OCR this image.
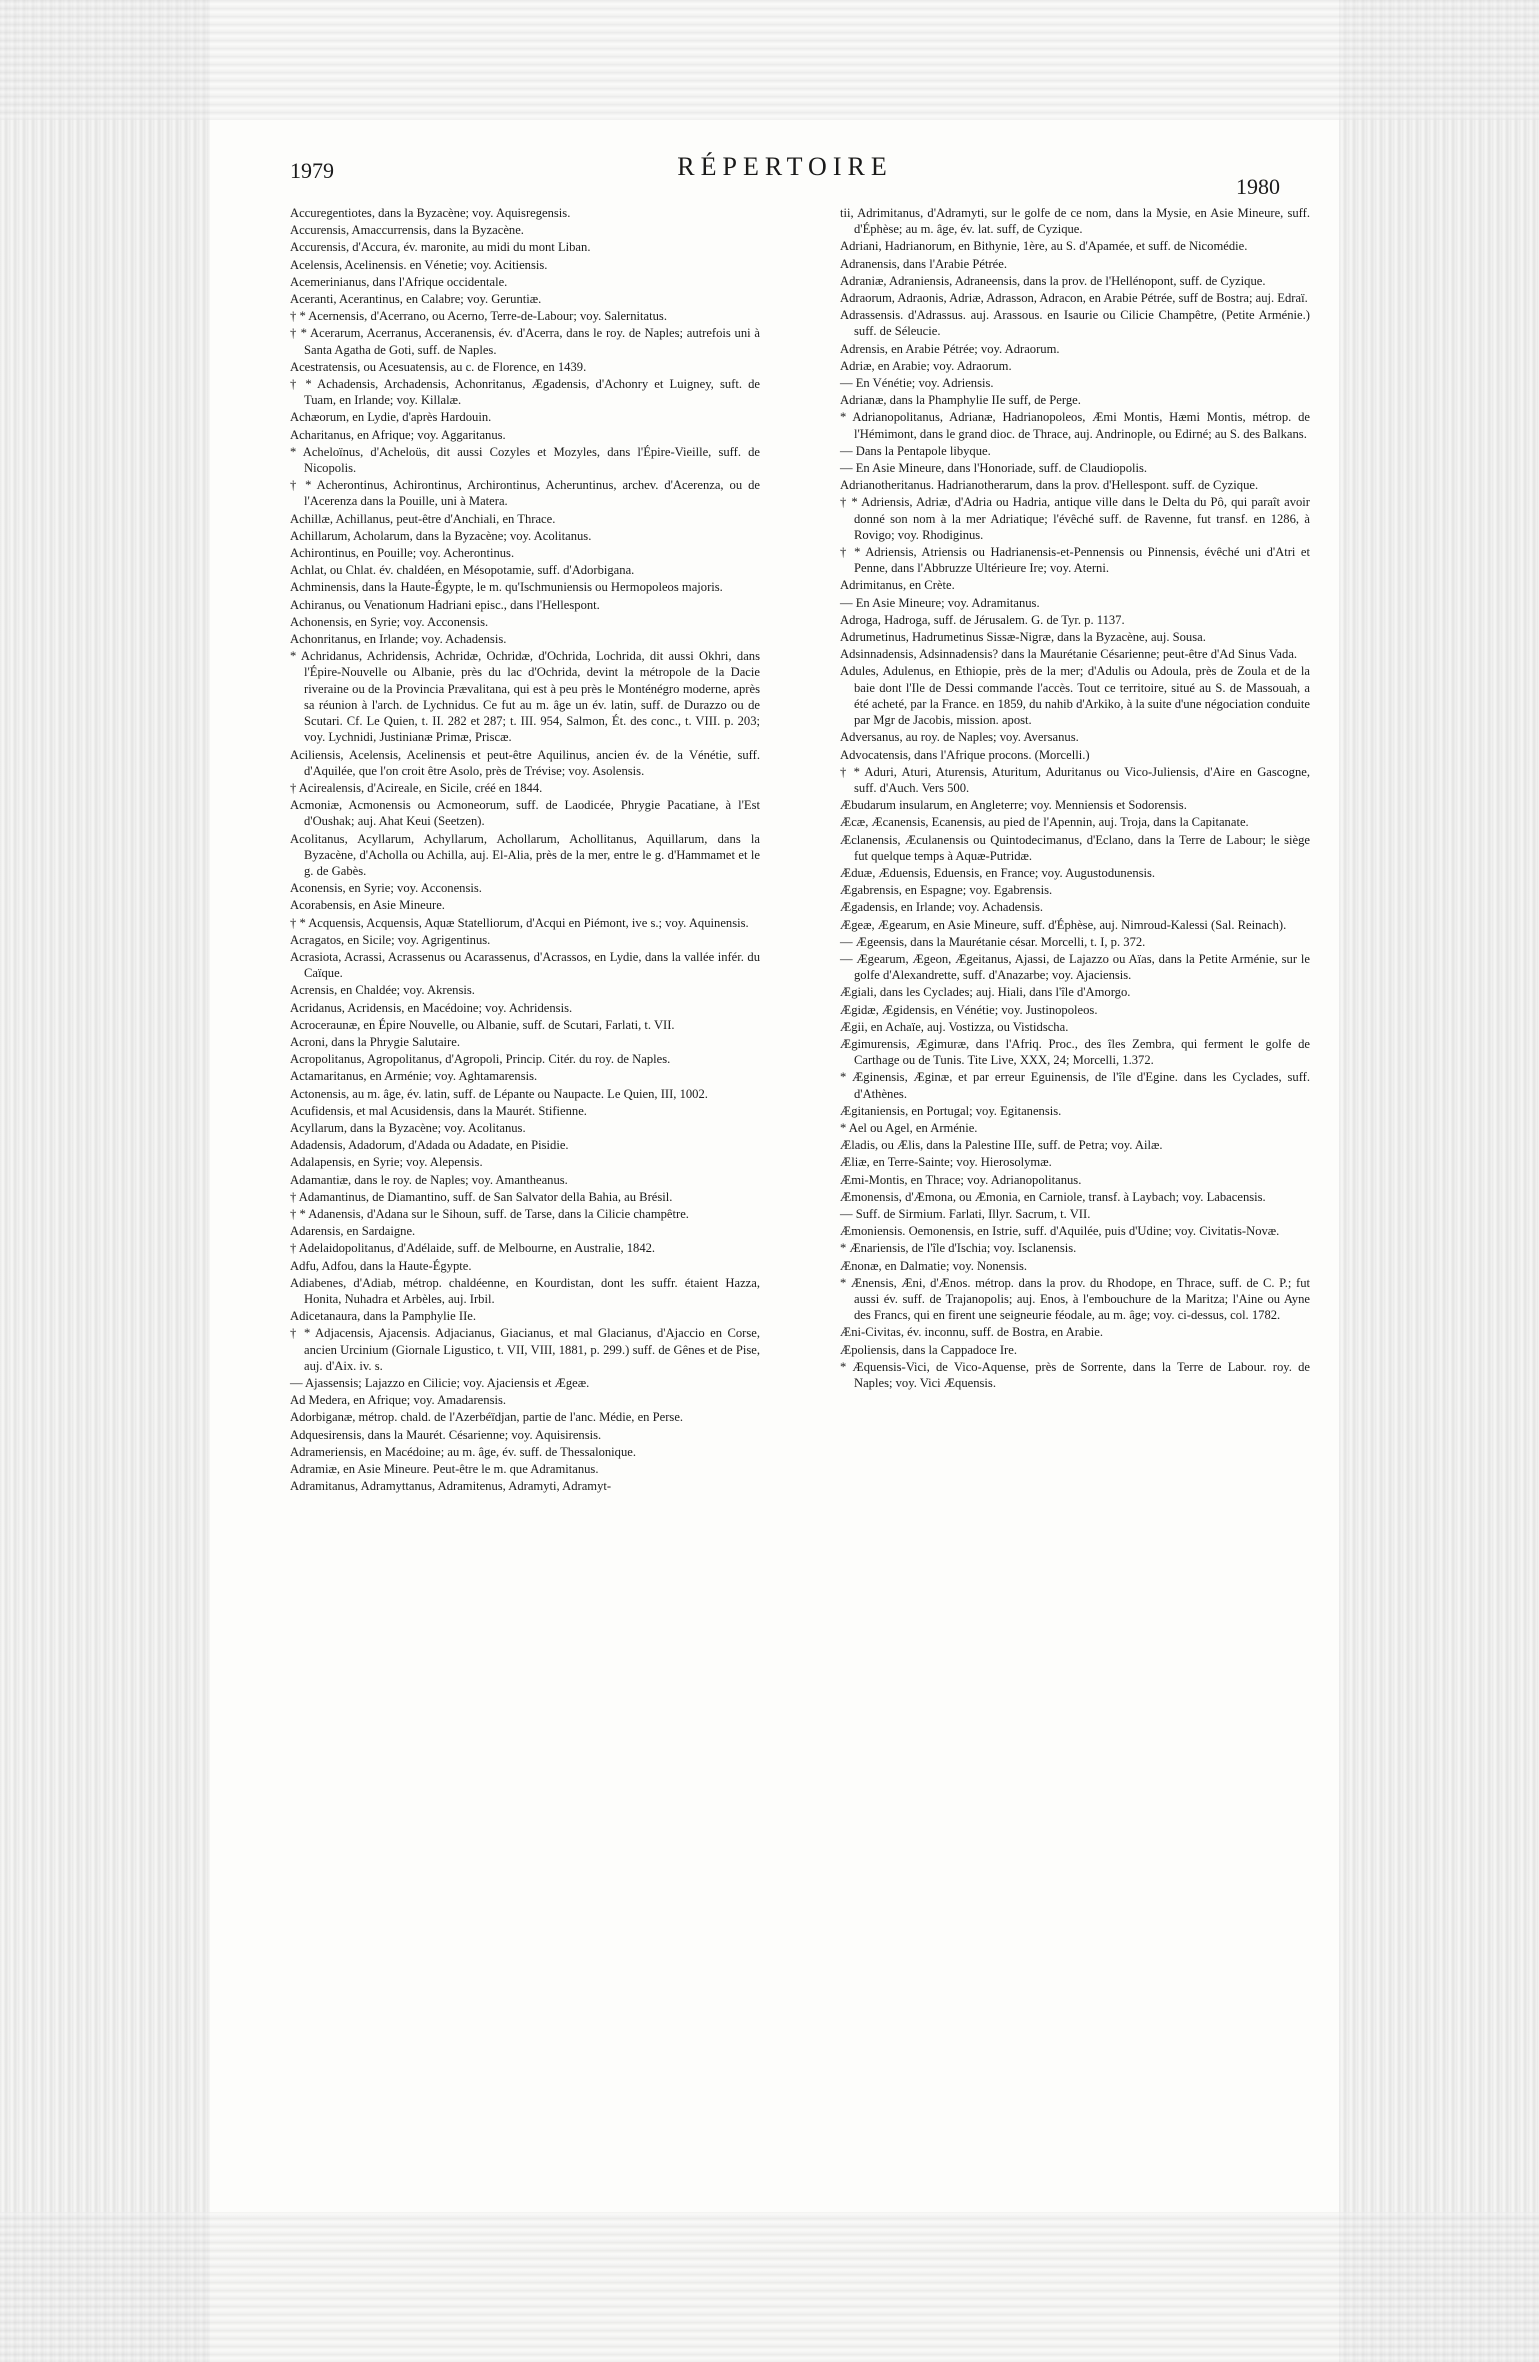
1979	RÉPERTOIRE
1980

Accuregentiotes, dans la Byzacène; voy. Aquisregensis.

Accurensis, Amaccurrensis, dans la Byzacène.

Accurensis, d'Accura, év. maronite, au midi du mont Liban.

Acelensis, Acelinensis. en Vénetie; voy. Acitiensis.

Acemerinianus, dans l'Afrique occidentale.

Aceranti, Acerantinus, en Calabre; voy. Geruntiæ.

† * Acernensis, d'Acerrano, ou Acerno, Terre-de-Labour; voy. Salernitatus.

† * Acerarum, Acerranus, Acceranensis, év. d'Acerra, dans le roy. de Naples; autrefois uni à Santa Agatha de Goti, suff. de Naples.

Acestratensis, ou Acesuatensis, au c. de Florence, en 1439.

† * Achadensis, Archadensis, Achonritanus, Ægadensis, d'Achonry et Luigney, suft. de Tuam, en Irlande; voy. Killalæ.

Achæorum, en Lydie, d'après Hardouin.

Acharitanus, en Afrique; voy. Aggaritanus.

* Acheloïnus, d'Acheloüs, dit aussi Cozyles et Mozyles, dans l'Épire-Vieille, suff. de Nicopolis.

† * Acherontinus, Achirontinus, Archirontinus, Acheruntinus, archev. d'Acerenza, ou de l'Acerenza dans la Pouille, uni à Matera.

Achillæ, Achillanus, peut-être d'Anchiali, en Thrace.

Achillarum, Acholarum, dans la Byzacène; voy. Acolitanus.

Achirontinus, en Pouille; voy. Acherontinus.

Achlat, ou Chlat. év. chaldéen, en Mésopotamie, suff. d'Adorbigana.

Achminensis, dans la Haute-Égypte, le m. qu'Ischmuniensis ou Hermopoleos majoris.

Achiranus, ou Venationum Hadriani episc., dans l'Hellespont.

Achonensis, en Syrie; voy. Acconensis.

Achonritanus, en Irlande; voy. Achadensis.

* Achridanus, Achridensis, Achridæ, Ochridæ, d'Ochrida, Lochrida, dit aussi Okhri, dans l'Épire-Nouvelle ou Albanie, près du lac d'Ochrida, devint la métropole de la Dacie riveraine ou de la Provincia Prævalitana, qui est à peu près le Monténégro moderne, après sa réunion à l'arch. de Lychnidus. Ce fut au m. âge un év. latin, suff. de Durazzo ou de Scutari. Cf. Le Quien, t. II. 282 et 287; t. III. 954, Salmon, Ét. des conc., t. VIII. p. 203; voy. Lychnidi, Justinianæ Primæ, Priscæ.

Aciliensis, Acelensis, Acelinensis et peut-être Aquilinus, ancien év. de la Vénétie, suff. d'Aquilée, que l'on croit être Asolo, près de Trévise; voy. Asolensis.

† Acirealensis, d'Acireale, en Sicile, créé en 1844.

Acmoniæ, Acmonensis ou Acmoneorum, suff. de Laodicée, Phrygie Pacatiane, à l'Est d'Oushak; auj. Ahat Keui (Seetzen).

Acolitanus, Acyllarum, Achyllarum, Achollarum, Achollitanus, Aquillarum, dans la Byzacène, d'Acholla ou Achilla, auj. El-Alia, près de la mer, entre le g. d'Hammamet et le g. de Gabès.

Aconensis, en Syrie; voy. Acconensis.

Acorabensis, en Asie Mineure.

† * Acquensis, Acquensis, Aquæ Statelliorum, d'Acqui en Piémont, ive s.; voy. Aquinensis.

Acragatos, en Sicile; voy. Agrigentinus.

Acrasiota, Acrassi, Acrassenus ou Acarassenus, d'Acrassos, en Lydie, dans la vallée infér. du Caïque.

Acrensis, en Chaldée; voy. Akrensis.

Acridanus, Acridensis, en Macédoine; voy. Achridensis.

Acroceraunæ, en Épire Nouvelle, ou Albanie, suff. de Scutari, Farlati, t. VII.

Acroni, dans la Phrygie Salutaire.

Acropolitanus, Agropolitanus, d'Agropoli, Princip. Citér. du roy. de Naples.

Actamaritanus, en Arménie; voy. Aghtamarensis.

Actonensis, au m. âge, év. latin, suff. de Lépante ou Naupacte. Le Quien, III, 1002.

Acufidensis, et mal Acusidensis, dans la Maurét. Stifienne.

Acyllarum, dans la Byzacène; voy. Acolitanus.

Adadensis, Adadorum, d'Adada ou Adadate, en Pisidie.

Adalapensis, en Syrie; voy. Alepensis.

Adamantiæ, dans le roy. de Naples; voy. Amantheanus.

† Adamantinus, de Diamantino, suff. de San Salvator della Bahia, au Brésil.

† * Adanensis, d'Adana sur le Sihoun, suff. de Tarse, dans la Cilicie champêtre.

Adarensis, en Sardaigne.

† Adelaidopolitanus, d'Adélaide, suff. de Melbourne, en Australie, 1842.

Adfu, Adfou, dans la Haute-Égypte.

Adiabenes, d'Adiab, métrop. chaldéenne, en Kourdistan, dont les suffr. étaient Hazza, Honita, Nuhadra et Arbèles, auj. Irbil.

Adicetanaura, dans la Pamphylie IIe.

† * Adjacensis, Ajacensis. Adjacianus, Giacianus, et mal Glacianus, d'Ajaccio en Corse, ancien Urcinium (Giornale Ligustico, t. VII, VIII, 1881, p. 299.) suff. de Gênes et de Pise, auj. d'Aix. iv. s.

— Ajassensis; Lajazzo en Cilicie; voy. Ajaciensis et Ægeæ.

Ad Medera, en Afrique; voy. Amadarensis.

Adorbiganæ, métrop. chald. de l'Azerbéïdjan, partie de l'anc. Médie, en Perse.

Adquesirensis, dans la Maurét. Césarienne; voy. Aquisirensis.

Adrameriensis, en Macédoine; au m. âge, év. suff. de Thessalonique.

Adramiæ, en Asie Mineure. Peut-être le m. que Adramitanus.

Adramitanus, Adramyttanus, Adramitenus, Adramyti, Adramyt-

tii, Adrimitanus, d'Adramyti, sur le golfe de ce nom, dans la Mysie, en Asie Mineure, suff. d'Éphèse; au m. âge, év. lat. suff, de Cyzique.

Adriani, Hadrianorum, en Bithynie, 1ère, au S. d'Apamée, et suff. de Nicomédie.

Adranensis, dans l'Arabie Pétrée.

Adraniæ, Adraniensis, Adraneensis, dans la prov. de l'Hellénopont, suff. de Cyzique.

Adraorum, Adraonis, Adriæ, Adrasson, Adracon, en Arabie Pétrée, suff de Bostra; auj. Edraï.

Adrassensis. d'Adrassus. auj. Arassous. en Isaurie ou Cilicie Champêtre, (Petite Arménie.) suff. de Séleucie.

Adrensis, en Arabie Pétrée; voy. Adraorum.

Adriæ, en Arabie; voy. Adraorum.

— En Vénétie; voy. Adriensis.

Adrianæ, dans la Phamphylie IIe suff, de Perge.

* Adrianopolitanus, Adrianæ, Hadrianopoleos, Æmi Montis, Hæmi Montis, métrop. de l'Hémimont, dans le grand dioc. de Thrace, auj. Andrinople, ou Edirné; au S. des Balkans.

— Dans la Pentapole libyque.

— En Asie Mineure, dans l'Honoriade, suff. de Claudiopolis.

Adrianotheritanus. Hadrianotherarum, dans la prov. d'Hellespont. suff. de Cyzique.

† * Adriensis, Adriæ, d'Adria ou Hadria, antique ville dans le Delta du Pô, qui paraît avoir donné son nom à la mer Adriatique; l'évêché suff. de Ravenne, fut transf. en 1286, à Rovigo; voy. Rhodiginus.

† * Adriensis, Atriensis ou Hadrianensis-et-Pennensis ou Pinnensis, évêché uni d'Atri et Penne, dans l'Abbruzze Ultérieure Ire; voy. Aterni.

Adrimitanus, en Crète.

— En Asie Mineure; voy. Adramitanus.

Adroga, Hadroga, suff. de Jérusalem. G. de Tyr. p. 1137.

Adrumetinus, Hadrumetinus Sissæ-Nigræ, dans la Byzacène, auj. Sousa.

Adsinnadensis, Adsinnadensis? dans la Maurétanie Césarienne; peut-être d'Ad Sinus Vada.

Adules, Adulenus, en Ethiopie, près de la mer; d'Adulis ou Adoula, près de Zoula et de la baie dont l'Ile de Dessi commande l'accès. Tout ce territoire, situé au S. de Massouah, a été acheté, par la France. en 1859, du nahib d'Arkiko, à la suite d'une négociation conduite par Mgr de Jacobis, mission. apost.

Adversanus, au roy. de Naples; voy. Aversanus.

Advocatensis, dans l'Afrique procons. (Morcelli.)

† * Aduri, Aturi, Aturensis, Aturitum, Aduritanus ou Vico-Juliensis, d'Aire en Gascogne, suff. d'Auch. Vers 500.

Æbudarum insularum, en Angleterre; voy. Menniensis et Sodorensis.

Æcæ, Æcanensis, Ecanensis, au pied de l'Apennin, auj. Troja, dans la Capitanate.

Æclanensis, Æculanensis ou Quintodecimanus, d'Eclano, dans la Terre de Labour; le siège fut quelque temps à Aquæ-Putridæ.

Æduæ, Æduensis, Eduensis, en France; voy. Augustodunensis.

Ægabrensis, en Espagne; voy. Egabrensis.

Ægadensis, en Irlande; voy. Achadensis.

Ægeæ, Ægearum, en Asie Mineure, suff. d'Éphèse, auj. Nimroud-Kalessi (Sal. Reinach).

— Ægeensis, dans la Maurétanie césar. Morcelli, t. I, p. 372.

— Ægearum, Ægeon, Ægeitanus, Ajassi, de Lajazzo ou Aïas, dans la Petite Arménie, sur le golfe d'Alexandrette, suff. d'Anazarbe; voy. Ajaciensis.

Ægiali, dans les Cyclades; auj. Hiali, dans l'île d'Amorgo.

Ægidæ, Ægidensis, en Vénétie; voy. Justinopoleos.

Ægii, en Achaïe, auj. Vostizza, ou Vistidscha.

Ægimurensis, Ægimuræ, dans l'Afriq. Proc., des îles Zembra, qui ferment le golfe de Carthage ou de Tunis. Tite Live, XXX, 24; Morcelli, 1.372.

* Æginensis, Æginæ, et par erreur Eguinensis, de l'île d'Egine. dans les Cyclades, suff. d'Athènes.

Ægitaniensis, en Portugal; voy. Egitanensis.

* Ael ou Agel, en Arménie.

Æladis, ou Ælis, dans la Palestine IIIe, suff. de Petra; voy. Ailæ.

Æliæ, en Terre-Sainte; voy. Hierosolymæ.

Æmi-Montis, en Thrace; voy. Adrianopolitanus.

Æmonensis, d'Æmona, ou Æmonia, en Carniole, transf. à Laybach; voy. Labacensis.

— Suff. de Sirmium. Farlati, Illyr. Sacrum, t. VII.

Æmoniensis. Oemonensis, en Istrie, suff. d'Aquilée, puis d'Udine; voy. Civitatis-Novæ.

* Ænariensis, de l'île d'Ischia; voy. Isclanensis.

Ænonæ, en Dalmatie; voy. Nonensis.

* Ænensis, Æni, d'Ænos. métrop. dans la prov. du Rhodope, en Thrace, suff. de C. P.; fut aussi év. suff. de Trajanopolis; auj. Enos, à l'embouchure de la Maritza; l'Aine ou Ayne des Francs, qui en firent une seigneurie féodale, au m. âge; voy. ci-dessus, col. 1782.

Æni-Civitas, év. inconnu, suff. de Bostra, en Arabie.

Æpoliensis, dans la Cappadoce Ire.

* Æquensis-Vici, de Vico-Aquense, près de Sorrente, dans la Terre de Labour. roy. de Naples; voy. Vici Æquensis.
